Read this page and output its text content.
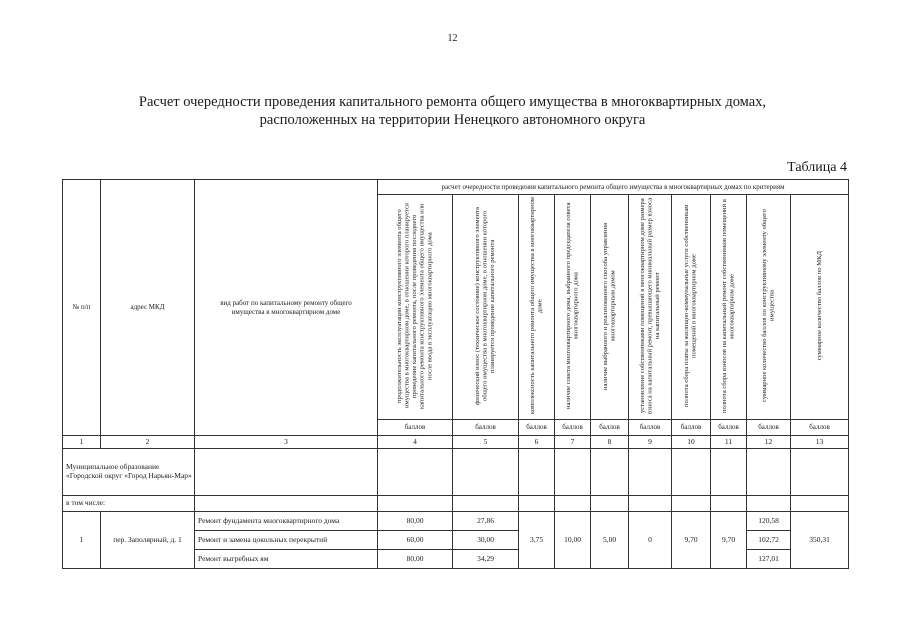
12
Расчет очередности проведения капитального ремонта общего имущества в многоквартирных домах,
расположенных на территории Ненецкого автономного округа
Таблица 4
№ п/п	адрес МКД	вид работ по капитальному ремонту общего имущества в многоквартирном доме	расчет очередности проведения капитального ремонта общего имущества в многоквартирных домах по критериям									
			продолжительность эксплуатации конструктивного элемента общего имущества в многоквартирном доме, в отношении которого планируется проведение капитального ремонта, после проведения последнего капитального ремонта конструктивного элемента общего имущества или после ввода в эксплуатацию многоквартирного дома	физический износ (техническое состояние) конструктивного элемента общего имущества в многоквартирном доме, в отношении которого планируется проведение капитального ремонта	комплексность капитального ремонта общего имущества в многоквартирном доме	наличие совета многоквартирного дома, выбранного председателя совета многоквартирного дома	наличие выбранного и реализованного способа управления многоквартирным домом	установление собственниками помещений в многоквартирном доме размера взноса на капитальный ремонт, превышающего минимальный размер взноса на капитальный ремонт	полнота сбора платы за жилищно-коммунальные услуги собственникам помещений в многоквартирном доме	полнота сбора взносов на капитальный ремонт собственников помещений в многоквартирном доме	суммарное количество баллов по конструктивному элементу общего имущества	суммарное количество баллов по МКД
			баллов	баллов	баллов	баллов	баллов	баллов	баллов	баллов	баллов	баллов
1	2	3	4	5	6	7	8	9	10	11	12	13
Муниципальное образование «Городской округ «Город Нарьян-Мар»												
в том числе:												
1	пер. Заполярный, д. 1	Ремонт фундамента многоквартирного дома	80,00	27,86	3,75	10,00	5,00	0	9,70	9,70	120,58	350,31
		Ремонт и замена цокольных перекрытий	60,00	30,00							102,72	
		Ремонт выгребных ям	80,00	34,29							127,01	
